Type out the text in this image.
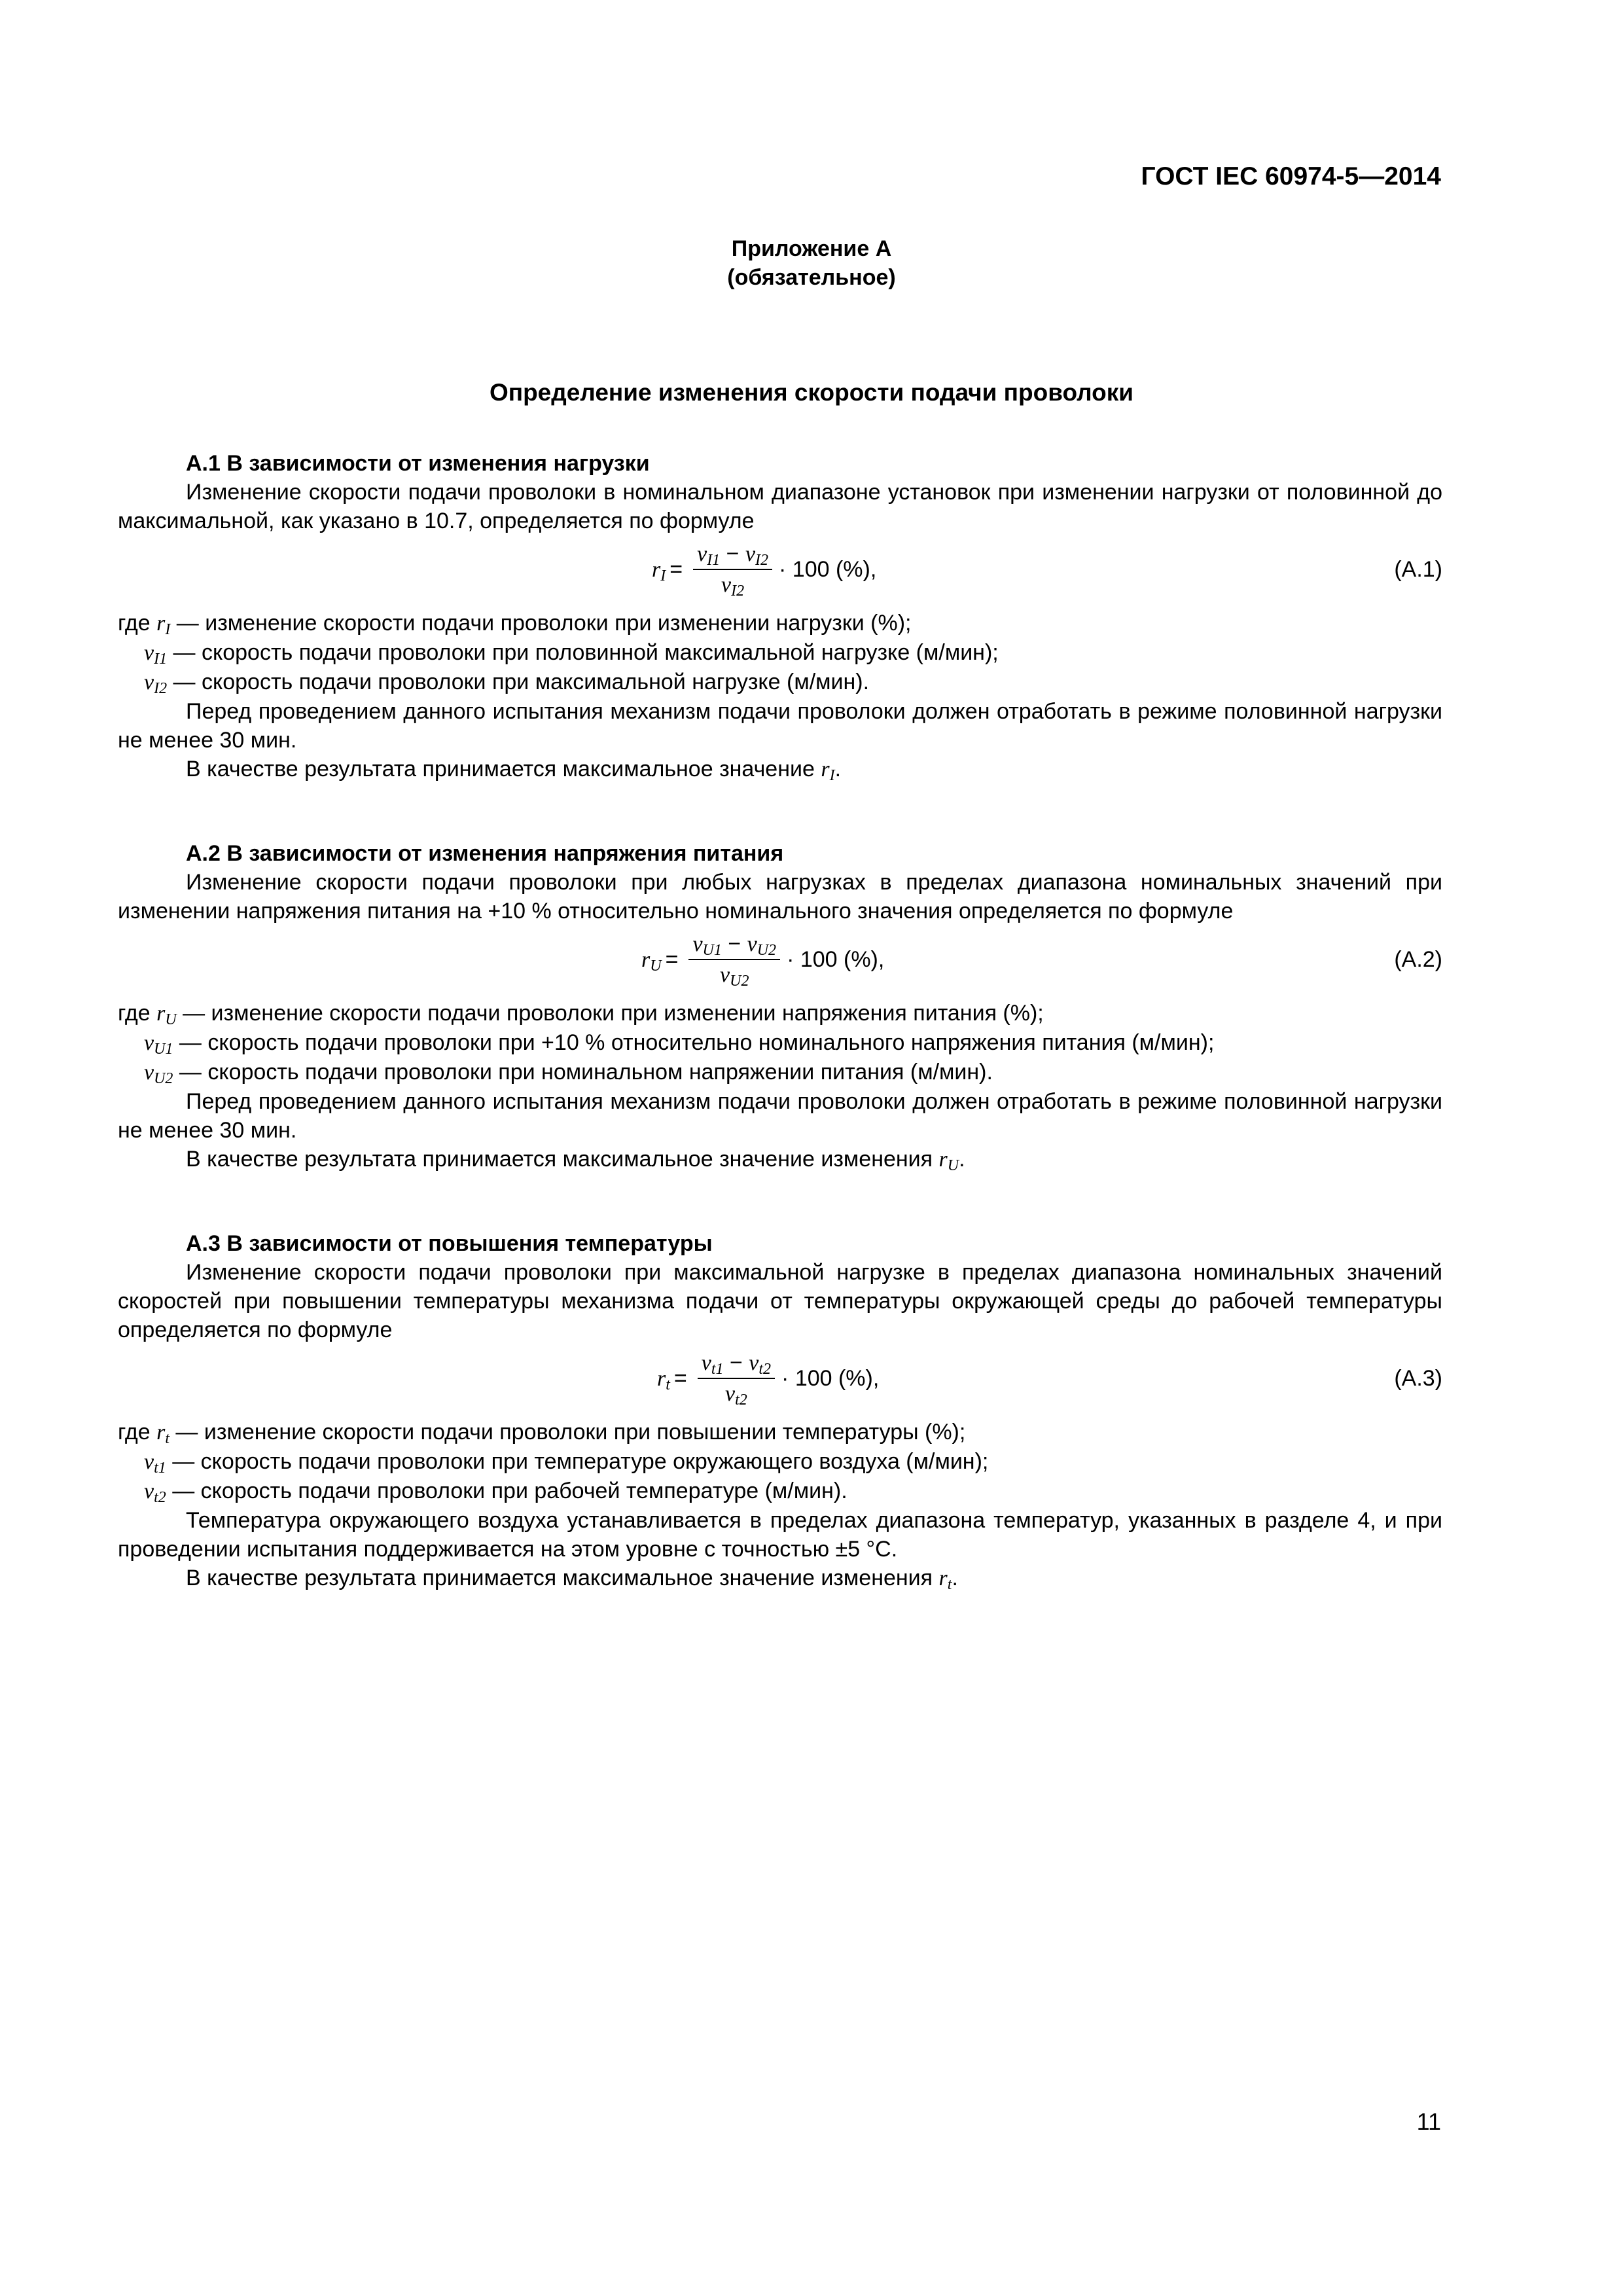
ГОСТ IEC 60974-5—2014
Приложение А
(обязательное)
Определение изменения скорости подачи проволоки
А.1 В зависимости от изменения нагрузки
Изменение скорости подачи проволоки в номинальном диапазоне установок при изменении нагрузки от половинной до максимальной, как указано в 10.7, определяется по формуле
$r_I = \frac{v_{I1} - v_{I2}}{v_{I2}} \cdot 100$ (%),	(А.1)
где $r_I$ — изменение скорости подачи проволоки при изменении нагрузки (%);
$v_{I1}$ — скорость подачи проволоки при половинной максимальной нагрузке (м/мин);
$v_{I2}$ — скорость подачи проволоки при максимальной нагрузке (м/мин).
Перед проведением данного испытания механизм подачи проволоки должен отработать в режиме половинной нагрузки не менее 30 мин.
В качестве результата принимается максимальное значение $r_I$.
А.2 В зависимости от изменения напряжения питания
Изменение скорости подачи проволоки при любых нагрузках в пределах диапазона номинальных значений при изменении напряжения питания на +10 % относительно номинального значения определяется по формуле
$r_U = \frac{v_{U1} - v_{U2}}{v_{U2}} \cdot 100$ (%),	(А.2)
где $r_U$ — изменение скорости подачи проволоки при изменении напряжения питания (%);
$v_{U1}$ — скорость подачи проволоки при +10 % относительно номинального напряжения питания (м/мин);
$v_{U2}$ — скорость подачи проволоки при номинальном напряжении питания (м/мин).
Перед проведением данного испытания механизм подачи проволоки должен отработать в режиме половинной нагрузки не менее 30 мин.
В качестве результата принимается максимальное значение изменения $r_U$.
А.3 В зависимости от повышения температуры
Изменение скорости подачи проволоки при максимальной нагрузке в пределах диапазона номинальных значений скоростей при повышении температуры механизма подачи от температуры окружающей среды до рабочей температуры определяется по формуле
$r_t = \frac{v_{t1} - v_{t2}}{v_{t2}} \cdot 100$ (%),	(А.3)
где $r_t$ — изменение скорости подачи проволоки при повышении температуры (%);
$v_{t1}$ — скорость подачи проволоки при температуре окружающего воздуха (м/мин);
$v_{t2}$ — скорость подачи проволоки при рабочей температуре (м/мин).
Температура окружающего воздуха устанавливается в пределах диапазона температур, указанных в разделе 4, и при проведении испытания поддерживается на этом уровне с точностью ±5 °С.
В качестве результата принимается максимальное значение изменения $r_t$.
11
